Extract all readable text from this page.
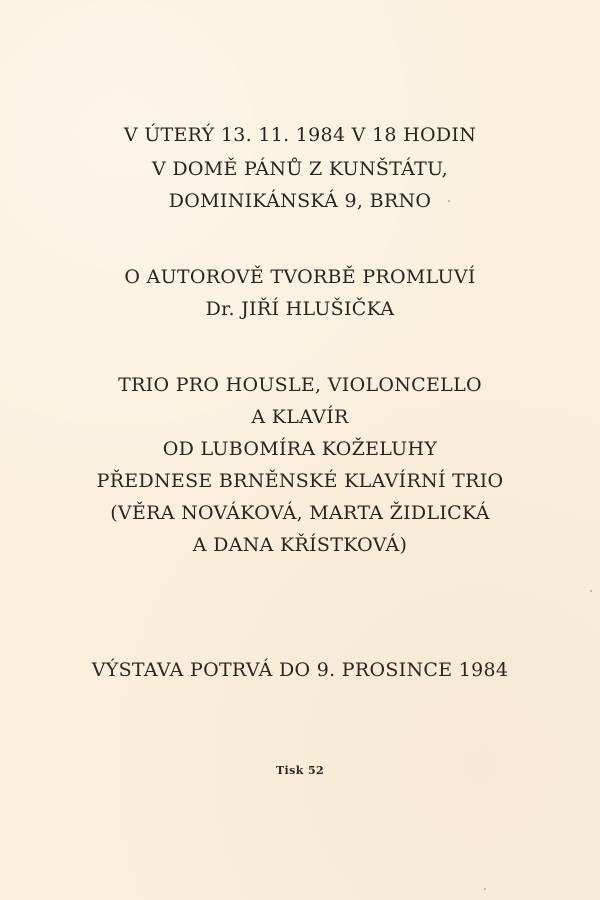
V ÚTERÝ 13. 11. 1984 V 18 HODIN
V DOMĚ PÁNŮ Z KUNŠTÁTU,
DOMINIKÁNSKÁ 9, BRNO
O AUTOROVĚ TVORBĚ PROMLUVÍ
Dr. JIŘÍ HLUŠIČKA
TRIO PRO HOUSLE, VIOLONCELLO
A KLAVÍR
OD LUBOMÍRA KOŽELUHY
PŘEDNESE BRNĚNSKÉ KLAVÍRNÍ TRIO
(VĚRA NOVÁKOVÁ, MARTA ŽIDLICKÁ
A DANA KŘÍSTKOVÁ)
VÝSTAVA POTRVÁ DO 9. PROSINCE 1984
Tisk 52
